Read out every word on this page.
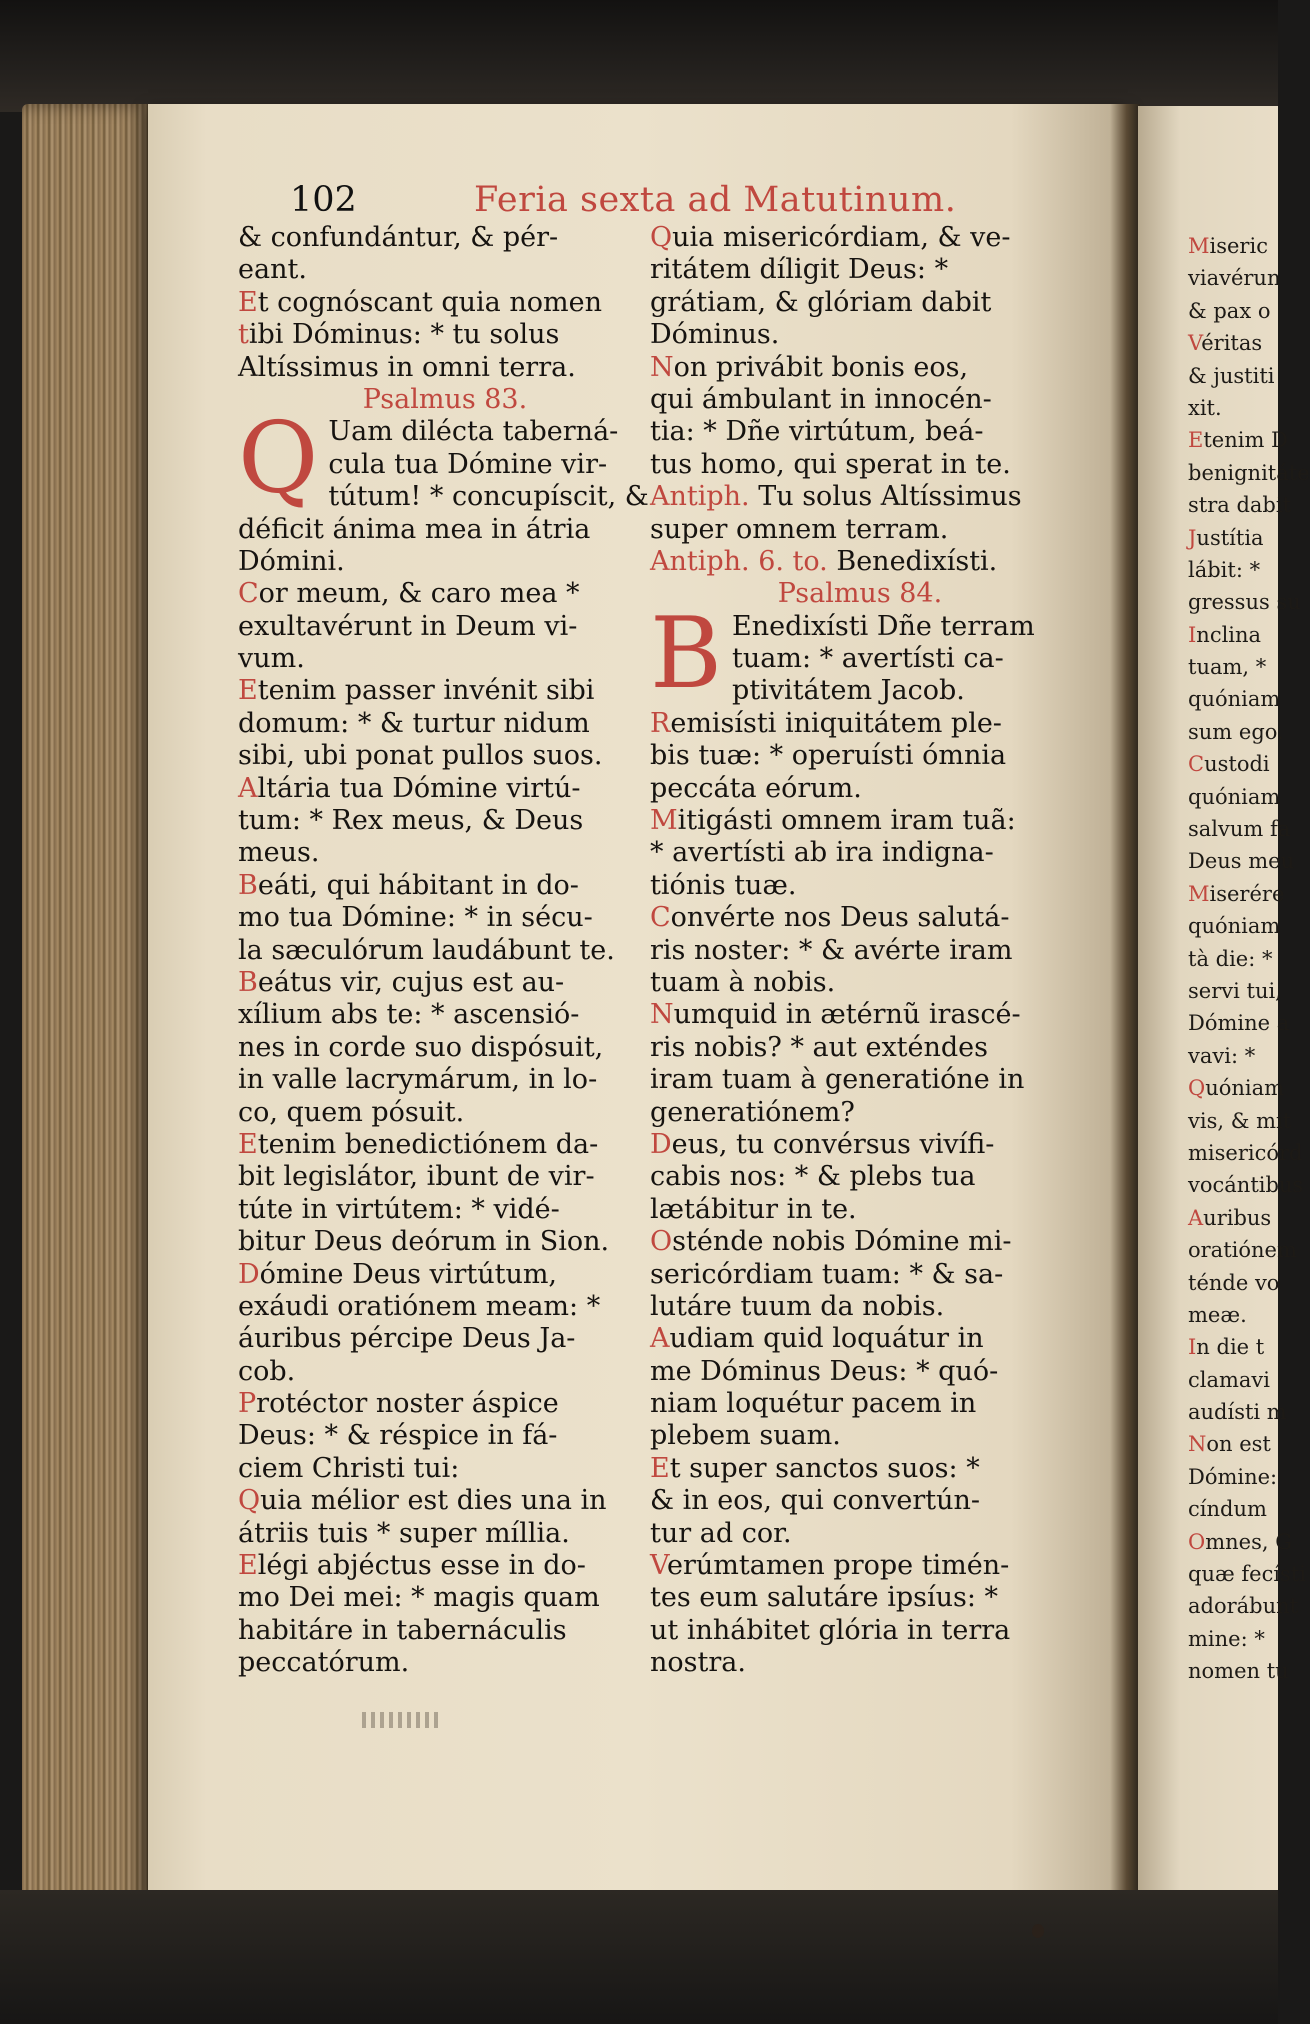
102	Feria sexta ad Matutinum.
& confundántur, & pér-
eant.
Et cognóscant quia nomen
tibi Dóminus: * tu solus
Altíssimus in omni terra.
Psalmus 83.
Q Uam dilécta taberná-
cula tua Dómine vir-
tútum! * concupíscit, &
déficit ánima mea in átria
Dómini.
Cor meum, & caro mea *
exultavérunt in Deum vi-
vum.
Etenim passer invénit sibi
domum: * & turtur nidum
sibi, ubi ponat pullos suos.
Altária tua Dómine virtú-
tum: * Rex meus, & Deus
meus.
Beáti, qui hábitant in do-
mo tua Dómine: * in sécu-
la sæculórum laudábunt te.
Beátus vir, cujus est au-
xílium abs te: * ascensió-
nes in corde suo dispósuit,
in valle lacrymárum, in lo-
co, quem pósuit.
Etenim benedictiónem da-
bit legislátor, ibunt de vir-
túte in virtútem: * vidé-
bitur Deus deórum in Sion.
Dómine Deus virtútum,
exáudi oratiónem meam: *
áuribus pércipe Deus Ja-
cob.
Protéctor noster áspice
Deus: * & réspice in fá-
ciem Christi tui:
Quia mélior est dies una in
átriis tuis * super míllia.
Elégi abjéctus esse in do-
mo Dei mei: * magis quam
habitáre in tabernáculis
peccatórum.
Quia misericórdiam, & ve-
ritátem díligit Deus: *
grátiam, & glóriam dabit
Dóminus.
Non privábit bonis eos,
qui ámbulant in innocén-
tia: * Dñe virtútum, beá-
tus homo, qui sperat in te.
Antiph. Tu solus Altíssimus
super omnem terram.
Antiph. 6. to. Benedixísti.
Psalmus 84.
B Enedixísti Dñe terram
tuam: * avertísti ca-
ptivitátem Jacob.
Remisísti iniquitátem ple-
bis tuæ: * operuísti ómnia
peccáta eórum.
Mitigásti omnem iram tuã:
* avertísti ab ira indignа-
tiónis tuæ.
Convérte nos Deus salutá-
ris noster: * & avérte iram
tuam à nobis.
Numquid in ætérnũ irascé-
ris nobis? * aut exténdes
iram tuam à generatióne in
generatiónem?
Deus, tu convérsus vivífi-
cabis nos: * & plebs tua
lætábitur in te.
Osténde nobis Dómine mi-
sericórdiam tuam: * & sa-
lutáre tuum da nobis.
Audiam quid loquátur in
me Dóminus Deus: * quó-
niam loquétur pacem in
plebem suam.
Et super sanctos suos: *
& in eos, qui convertún-
tur ad cor.
Verúmtamen prope timén-
tes eum salutáre ipsíus: *
ut inhábitet glória in terra
nostra.
Miseric
viavérun
& pax o
Véritas
& justiti
xit.
Etenim D
benignitáte
stra dabit
Justítia
lábit: *
gressus su
Inclina
tuam, *
quóniam
sum ego.
Custodi
quóniam
salvum fa
Deus meu
Miserére
quóniam
tà die: *
servi tui,
Dómine a
vavi: *
Quóniam
vis, & mit
misericórd
vocántibus
Auribus
oratiónem
ténde vo
meæ.
In die t
clamavi
audísti m
Non est
Dómine:
cíndum
Omnes, G
quæ fecísti
adorábunt
mine: *
nomen tu
